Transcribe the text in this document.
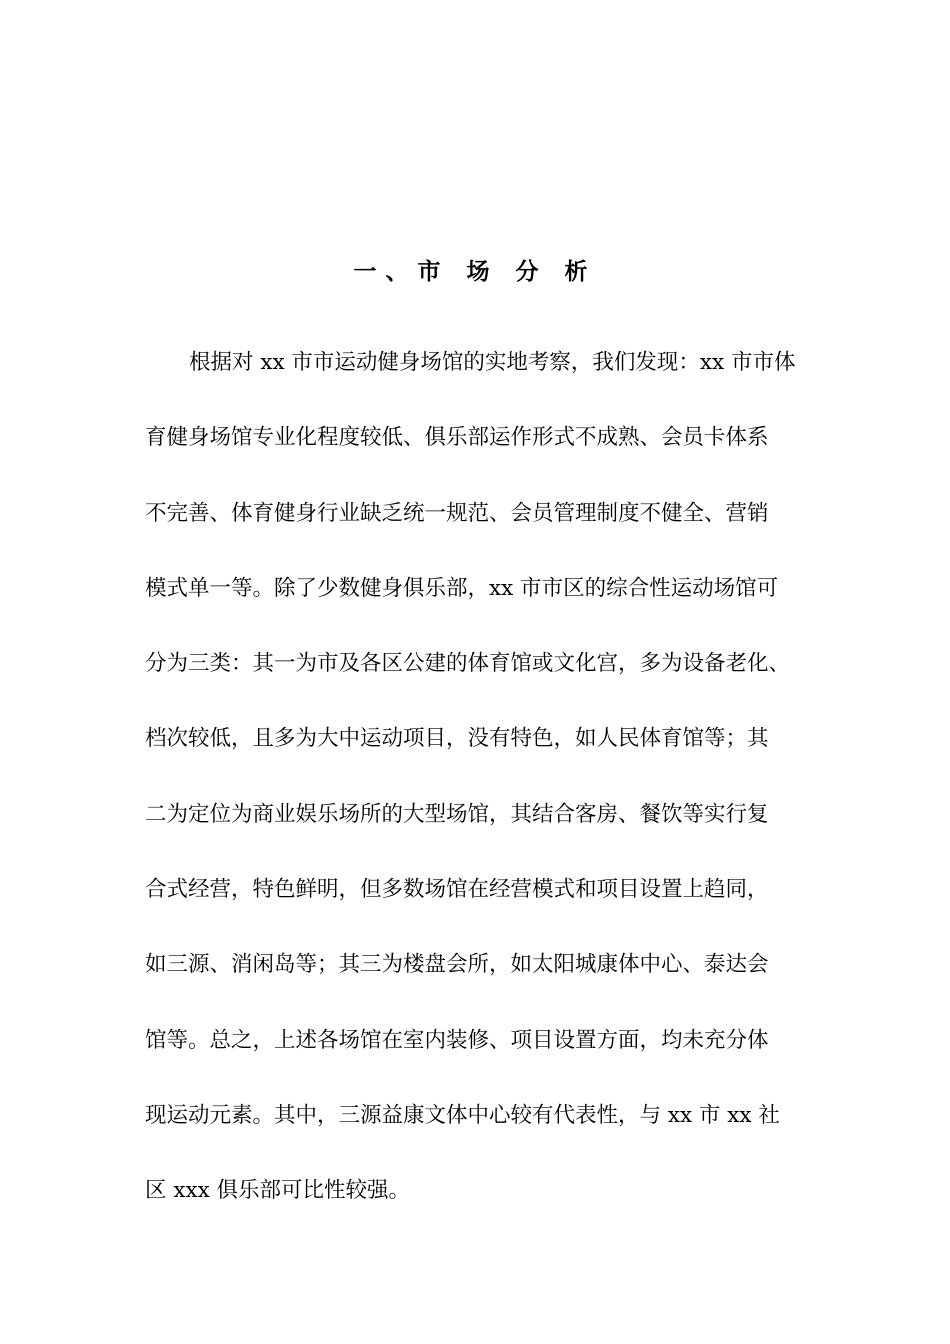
一、市 场 分 析
根据对 xx 市市运动健身场馆的实地考察，我们发现：xx 市市体
育健身场馆专业化程度较低、俱乐部运作形式不成熟、会员卡体系
不完善、体育健身行业缺乏统一规范、会员管理制度不健全、营销
模式单一等。除了少数健身俱乐部，xx 市市区的综合性运动场馆可
分为三类：其一为市及各区公建的体育馆或文化宫，多为设备老化、
档次较低，且多为大中运动项目，没有特色，如人民体育馆等；其
二为定位为商业娱乐场所的大型场馆，其结合客房、餐饮等实行复
合式经营，特色鲜明，但多数场馆在经营模式和项目设置上趋同，
如三源、消闲岛等；其三为楼盘会所，如太阳城康体中心、泰达会
馆等。总之，上述各场馆在室内装修、项目设置方面，均未充分体
现运动元素。其中，三源益康文体中心较有代表性，与 xx 市 xx 社
区 xxx 俱乐部可比性较强。
